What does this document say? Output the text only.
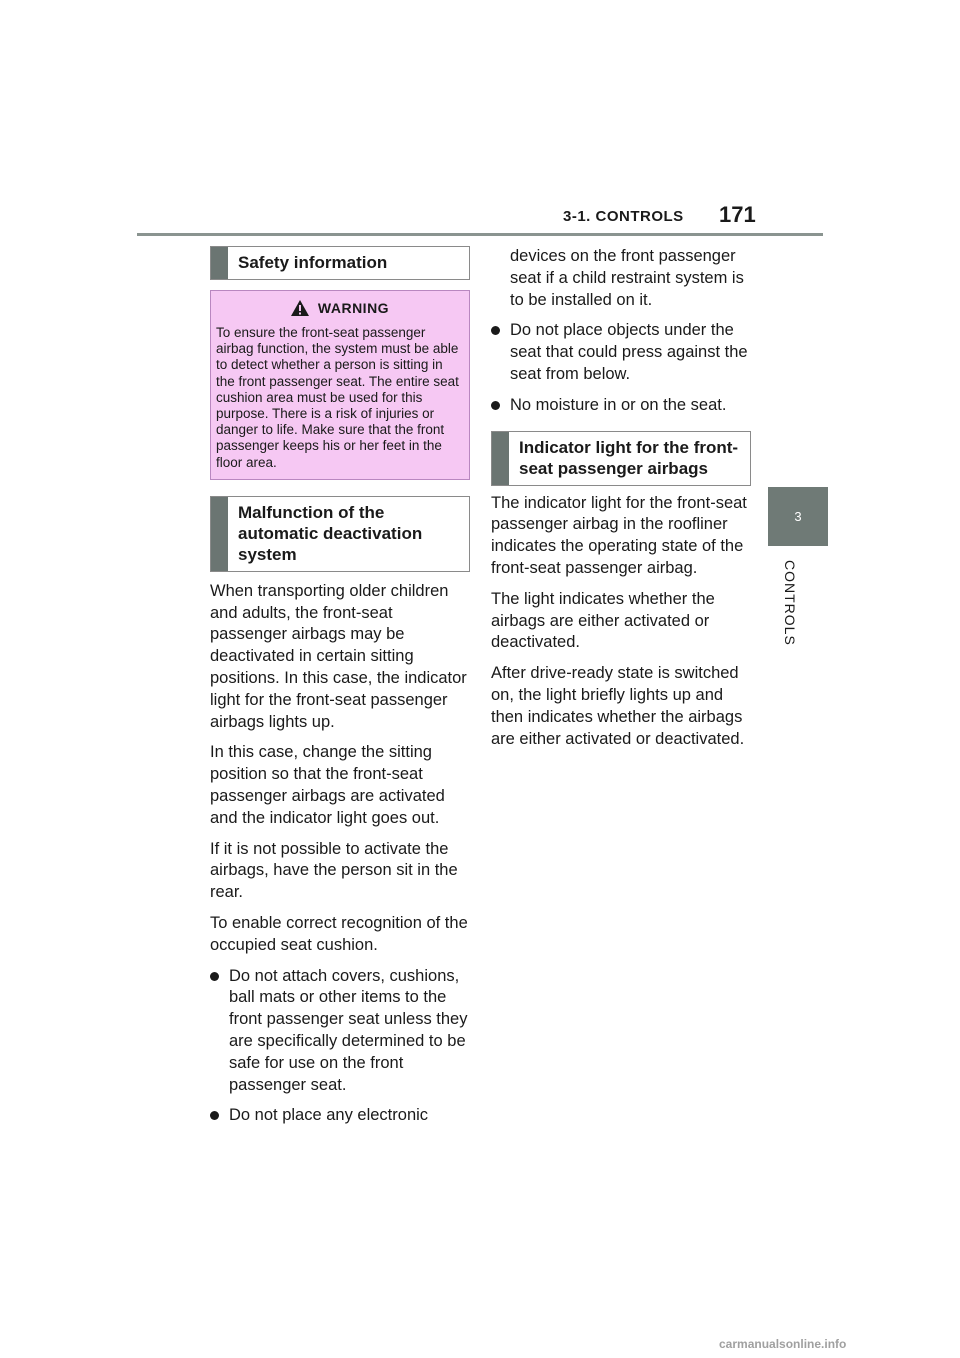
3-1. CONTROLS 171
3
CONTROLS
Safety information
WARNING
To ensure the front-seat passenger airbag function, the system must be able to detect whether a person is sitting in the front passenger seat. The entire seat cushion area must be used for this purpose. There is a risk of injuries or danger to life. Make sure that the front passenger keeps his or her feet in the floor area.
Malfunction of the automatic deactivation system

When transporting older children and adults, the front-seat passenger airbags may be deactivated in certain sitting positions. In this case, the indicator light for the front-seat passenger airbags lights up.

In this case, change the sitting position so that the front-seat passenger airbags are activated and the indicator light goes out.

If it is not possible to activate the airbags, have the person sit in the rear.

To enable correct recognition of the occupied seat cushion.

Do not attach covers, cushions, ball mats or other items to the front passenger seat unless they are specifically determined to be safe for use on the front passenger seat.
Do not place any electronic
devices on the front passenger seat if a child restraint system is to be installed on it.
Do not place objects under the seat that could press against the seat from below.
No moisture in or on the seat.
Indicator light for the front-seat passenger airbags

The indicator light for the front-seat passenger airbag in the roofliner indicates the operating state of the front-seat passenger airbag.

The light indicates whether the airbags are either activated or deactivated.

After drive-ready state is switched on, the light briefly lights up and then indicates whether the airbags are either activated or deactivated.

carmanualsonline.info
